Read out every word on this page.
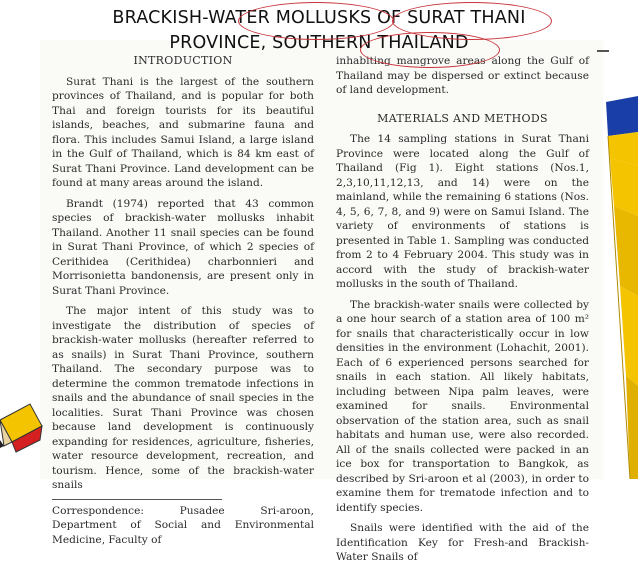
BRACKISH-WATER MOLLUSKS OF SURAT THANI
PROVINCE, SOUTHERN THAILAND
INTRODUCTION

Surat Thani is the largest of the southern provinces of Thailand, and is popular for both Thai and foreign tourists for its beautiful islands, beaches, and submarine fauna and flora. This includes Samui Island, a large island in the Gulf of Thailand, which is 84 km east of Surat Thani Province. Land development can be found at many areas around the island.

Brandt (1974) reported that 43 common species of brackish-water mollusks inhabit Thailand. Another 11 snail species can be found in Surat Thani Province, of which 2 species of Cerithidea (Cerithidea) charbonnieri and Morrisonietta bandonensis, are present only in Surat Thani Province.

The major intent of this study was to investigate the distribution of species of brackish-water mollusks (hereafter referred to as snails) in Surat Thani Province, southern Thailand. The secondary purpose was to determine the common trematode infections in snails and the abundance of snail species in the localities. Surat Thani Province was chosen because land development is continuously expanding for residences, agriculture, fisheries, water resource development, recreation, and tourism. Hence, some of the brackish-water snails

Correspondence: Pusadee Sri-aroon, Department of Social and Environmental Medicine, Faculty of

inhabiting mangrove areas along the Gulf of Thailand may be dispersed or extinct because of land development.

MATERIALS AND METHODS

The 14 sampling stations in Surat Thani Province were located along the Gulf of Thailand (Fig 1). Eight stations (Nos.1, 2,3,10,11,12,13, and 14) were on the mainland, while the remaining 6 stations (Nos. 4, 5, 6, 7, 8, and 9) were on Samui Island. The variety of environments of stations is presented in Table 1. Sampling was conducted from 2 to 4 February 2004. This study was in accord with the study of brackish-water mollusks in the south of Thailand.

The brackish-water snails were collected by a one hour search of a station area of 100 m² for snails that characteristically occur in low densities in the environment (Lohachit, 2001). Each of 6 experienced persons searched for snails in each station. All likely habitats, including between Nipa palm leaves, were examined for snails. Environmental observation of the station area, such as snail habitats and human use, were also recorded. All of the snails collected were packed in an ice box for transportation to Bangkok, as described by Sri-aroon et al (2003), in order to examine them for trematode infection and to identify species.

Snails were identified with the aid of the Identification Key for Fresh-and Brackish-Water Snails of
